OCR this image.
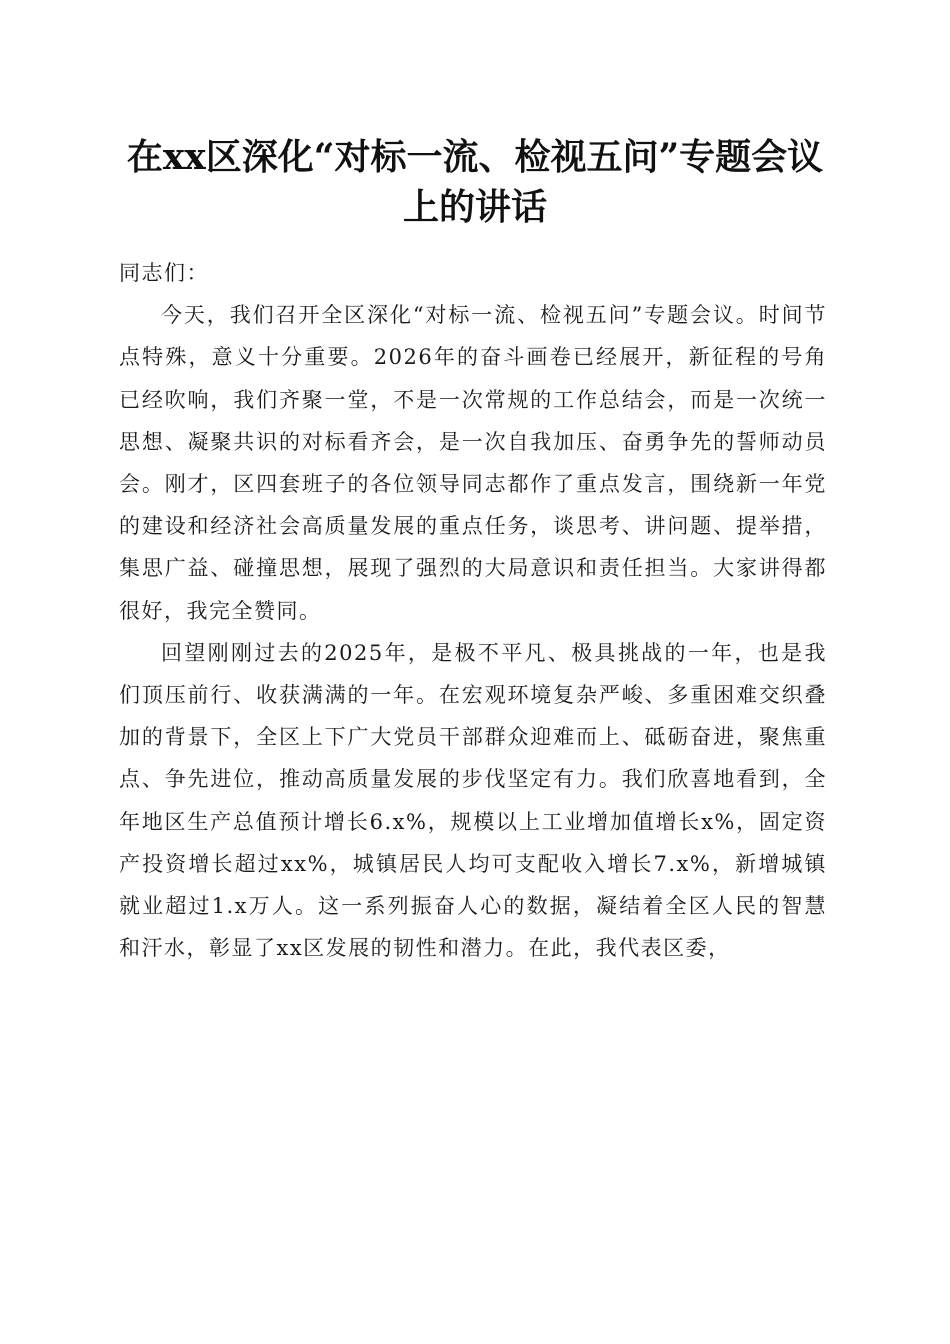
在xx区深化“对标一流、检视五问”专题会议上的讲话

同志们：

今天，我们召开全区深化“对标一流、检视五问”专题会议。时间节点特殊，意义十分重要。2026年的奋斗画卷已经展开，新征程的号角已经吹响，我们齐聚一堂，不是一次常规的工作总结会，而是一次统一思想、凝聚共识的对标看齐会，是一次自我加压、奋勇争先的誓师动员会。刚才，区四套班子的各位领导同志都作了重点发言，围绕新一年党的建设和经济社会高质量发展的重点任务，谈思考、讲问题、提举措，集思广益、碰撞思想，展现了强烈的大局意识和责任担当。大家讲得都很好，我完全赞同。

回望刚刚过去的2025年，是极不平凡、极具挑战的一年，也是我们顶压前行、收获满满的一年。在宏观环境复杂严峻、多重困难交织叠加的背景下，全区上下广大党员干部群众迎难而上、砥砺奋进，聚焦重点、争先进位，推动高质量发展的步伐坚定有力。我们欣喜地看到，全年地区生产总值预计增长6.x%，规模以上工业增加值增长x%，固定资产投资增长超过xx%，城镇居民人均可支配收入增长7.x%，新增城镇就业超过1.x万人。这一系列振奋人心的数据，凝结着全区人民的智慧和汗水，彰显了xx区发展的韧性和潜力。在此，我代表区委，
